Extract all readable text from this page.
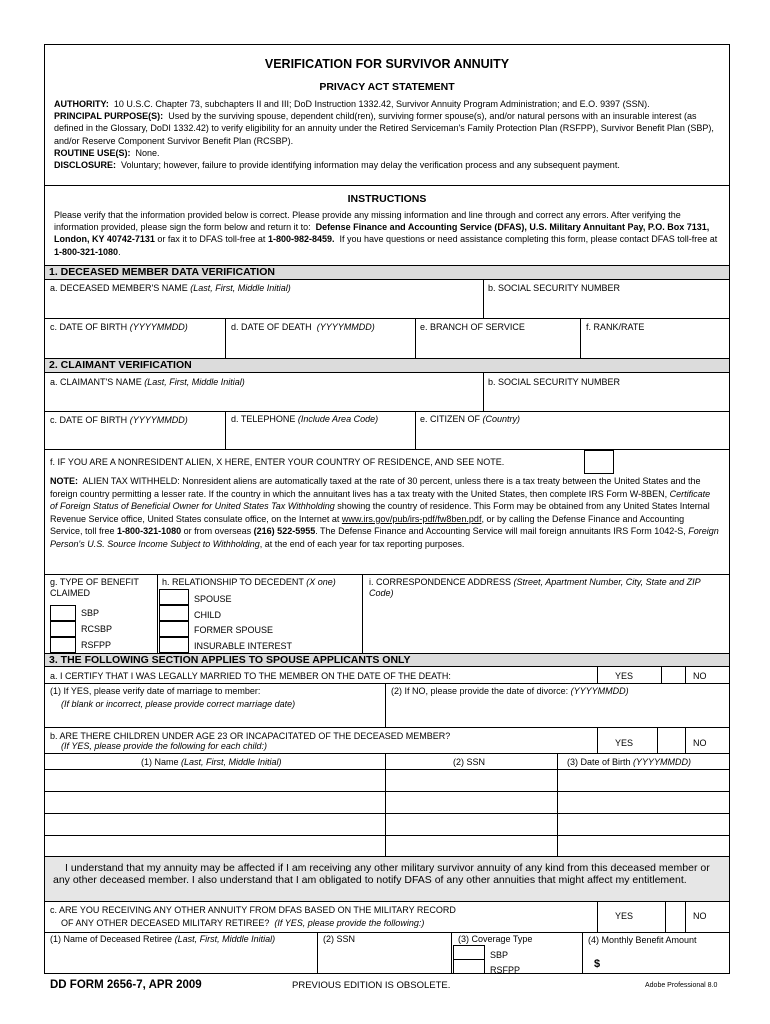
VERIFICATION FOR SURVIVOR ANNUITY
PRIVACY ACT STATEMENT
AUTHORITY: 10 U.S.C. Chapter 73, subchapters II and III; DoD Instruction 1332.42, Survivor Annuity Program Administration; and E.O. 9397 (SSN).
PRINCIPAL PURPOSE(S): Used by the surviving spouse, dependent child(ren), surviving former spouse(s), and/or natural persons with an insurable interest (as defined in the Glossary, DoDI 1332.42) to verify eligibility for an annuity under the Retired Serviceman's Family Protection Plan (RSFPP), Survivor Benefit Plan (SBP), and/or Reserve Component Survivor Benefit Plan (RCSBP).
ROUTINE USE(S): None.
DISCLOSURE: Voluntary; however, failure to provide identifying information may delay the verification process and any subsequent payment.
INSTRUCTIONS
Please verify that the information provided below is correct. Please provide any missing information and line through and correct any errors. After verifying the information provided, please sign the form below and return it to: Defense Finance and Accounting Service (DFAS), U.S. Military Annuitant Pay, P.O. Box 7131, London, KY 40742-7131 or fax it to DFAS toll-free at 1-800-982-8459. If you have questions or need assistance completing this form, please contact DFAS toll-free at 1-800-321-1080.
1. DECEASED MEMBER DATA VERIFICATION
a. DECEASED MEMBER'S NAME (Last, First, Middle Initial)	b. SOCIAL SECURITY NUMBER
c. DATE OF BIRTH (YYYYMMDD)	d. DATE OF DEATH (YYYYMMDD)	e. BRANCH OF SERVICE	f. RANK/RATE
2. CLAIMANT VERIFICATION
a. CLAIMANT'S NAME (Last, First, Middle Initial)	b. SOCIAL SECURITY NUMBER
c. DATE OF BIRTH (YYYYMMDD)	d. TELEPHONE (Include Area Code)	e. CITIZEN OF (Country)
f. IF YOU ARE A NONRESIDENT ALIEN, X HERE, ENTER YOUR COUNTRY OF RESIDENCE, AND SEE NOTE.
NOTE: ALIEN TAX WITHHELD: Nonresident aliens are automatically taxed at the rate of 30 percent, unless there is a tax treaty between the United States and the foreign country permitting a lesser rate. If the country in which the annuitant lives has a tax treaty with the United States, then complete IRS Form W-8BEN, Certificate of Foreign Status of Beneficial Owner for United States Tax Withholding showing the country of residence. This Form may be obtained from any United States Internal Revenue Service office, United States consulate office, on the Internet at www.irs.gov/pub/irs-pdf/fw8ben.pdf, or by calling the Defense Finance and Accounting Service, toll free 1-800-321-1080 or from overseas (216) 522-5955. The Defense Finance and Accounting Service will mail foreign annuitants IRS Form 1042-S, Foreign Person's U.S. Source Income Subject to Withholding, at the end of each year for tax reporting purposes.
g. TYPE OF BENEFIT CLAIMED
h. RELATIONSHIP TO DECEDENT (X one)	i. CORRESPONDENCE ADDRESS (Street, Apartment Number, City, State and ZIP Code)
SBP
RCSBP
RSFPP
SPOUSE
CHILD
FORMER SPOUSE
INSURABLE INTEREST
3. THE FOLLOWING SECTION APPLIES TO SPOUSE APPLICANTS ONLY
a. I CERTIFY THAT I WAS LEGALLY MARRIED TO THE MEMBER ON THE DATE OF THE DEATH:	YES	NO
(1) If YES, please verify date of marriage to member:
(If blank or incorrect, please provide correct marriage date)
(2) If NO, please provide the date of divorce: (YYYYMMDD)
b. ARE THERE CHILDREN UNDER AGE 23 OR INCAPACITATED OF THE DECEASED MEMBER?
(If YES, please provide the following for each child:)	YES	NO
(1) Name (Last, First, Middle Initial)	(2) SSN	(3) Date of Birth (YYYYMMDD)
I understand that my annuity may be affected if I am receiving any other military survivor annuity of any kind from this deceased member or any other deceased member. I also understand that I am obligated to notify DFAS of any other annuities that might affect my entitlement.
c. ARE YOU RECEIVING ANY OTHER ANNUITY FROM DFAS BASED ON THE MILITARY RECORD
OF ANY OTHER DECEASED MILITARY RETIREE? (If YES, please provide the following:)
YES	NO
(1) Name of Deceased Retiree (Last, First, Middle Initial)	(2) SSN	(3) Coverage Type	(4) Monthly Benefit Amount
SBP
RSFPP	$
DD FORM 2656-7, APR 2009	PREVIOUS EDITION IS OBSOLETE.	Adobe Professional 8.0
